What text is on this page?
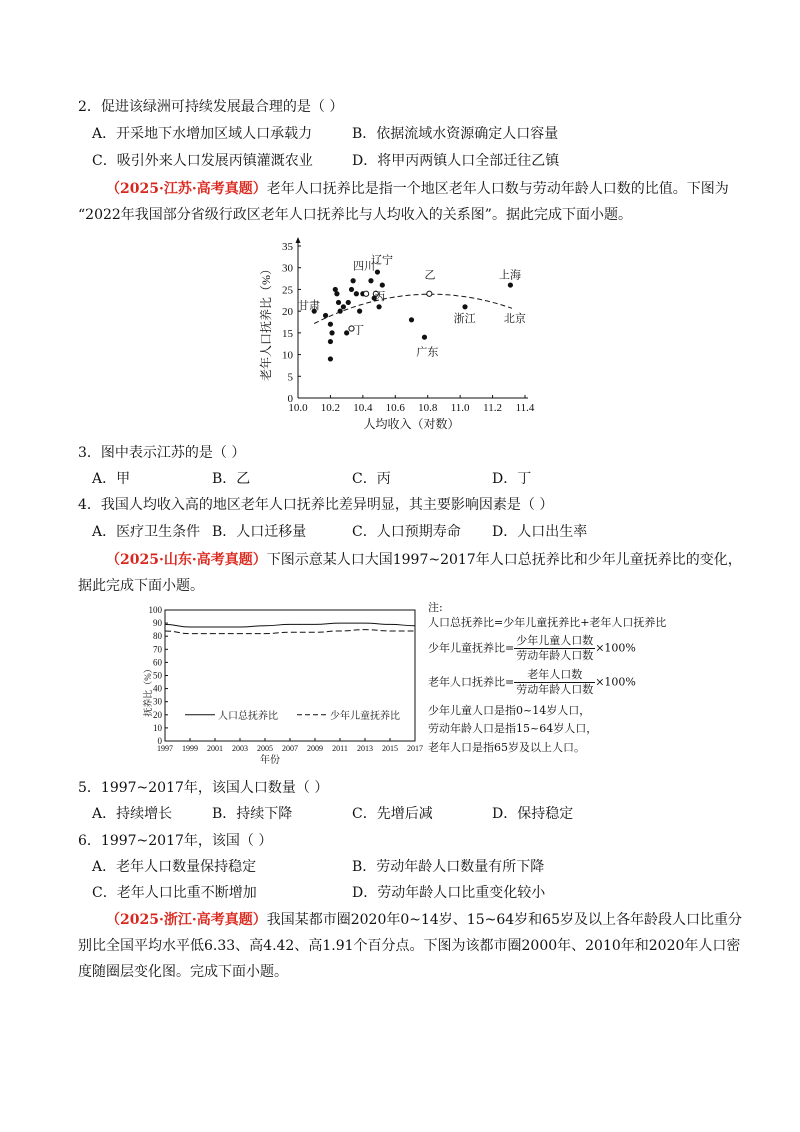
2．促进该绿洲可持续发展最合理的是（ ）
A．开采地下水增加区域人口承载力	B．依据流域水资源确定人口容量
C．吸引外来人口发展丙镇灌溉农业	D．将甲丙两镇人口全部迁往乙镇
（2025·江苏·高考真题）老年人口抚养比是指一个地区老年人口数与劳动年龄人口数的比值。下图为
“2022年我国部分省级行政区老年人口抚养比与人均收入的关系图”。据此完成下面小题。
0
5
10
15
20
25
30
35
10.0 10.2 10.4 10.6 10.8 11.0 11.2 11.4
甘肃
四川
辽宁
乙	上海
丙
丁
浙江
广东
北京
人均收入（对数）
老年人口抚养比（%）
3．图中表示江苏的是（ ）
A．甲	B．乙	C．丙	D．丁
4．我国人均收入高的地区老年人口抚养比差异明显，其主要影响因素是（ ）
A．医疗卫生条件 B．人口迁移量	C．人口预期寿命 D．人口出生率
（2025·山东·高考真题）下图示意某人口大国1997~2017年人口总抚养比和少年儿童抚养比的变化，
据此完成下面小题。
0
10
20
30
40
50
60
70
80
90
100
1997 1999 2001 2003 2005 2007 2009 2011 2013 2015 2017
人口总抚养比	少年儿童抚养比
年份
抚养比（%）
注:
人口总抚养比=少年儿童抚养比+老年人口抚养比
少年儿童抚养比= $\frac{\text{少年儿童人口数}}{\text{劳动年龄人口数}} \times 100\%$
老年人口抚养比= $\frac{\text{老年人口数}}{\text{劳动年龄人口数}} \times 100\%$
少年儿童人口是指0~14岁人口，
劳动年龄人口是指15~64岁人口，
老年人口是指65岁及以上人口。
5．1997~2017年，该国人口数量（ ）
A．持续增长	B．持续下降	C．先增后减	D．保持稳定
6．1997~2017年，该国（ ）
A．老年人口数量保持稳定	B．劳动年龄人口数量有所下降
C．老年人口比重不断增加	D．劳动年龄人口比重变化较小
（2025·浙江·高考真题）我国某都市圈2020年0~14岁、15~64岁和65岁及以上各年龄段人口比重分
别比全国平均水平低6.33、高4.42、高1.91个百分点。下图为该都市圈2000年、2010年和2020年人口密
度随圈层变化图。完成下面小题。
